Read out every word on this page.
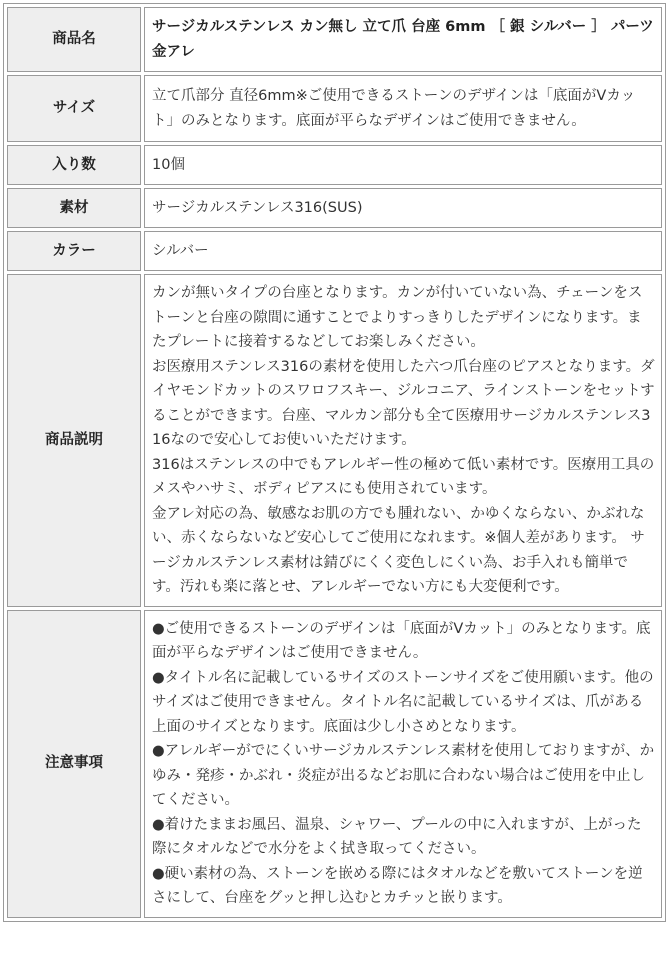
商品名	サージカルステンレス カン無し 立て爪 台座 6mm ［ 銀 シルバー ］ パーツ 金アレ
サイズ	立て爪部分 直径6mm※ご使用できるストーンのデザインは「底面がVカット」のみとなります。底面が平らなデザインはご使用できません。
入り数	10個
素材	サージカルステンレス316(SUS)
カラー	シルバー
商品説明	カンが無いタイプの台座となります。カンが付いていない為、チェーンをストーンと台座の隙間に通すことでよりすっきりしたデザインになります。またプレートに接着するなどしてお楽しみください。
お医療用ステンレス316の素材を使用した六つ爪台座のピアスとなります。ダイヤモンドカットのスワロフスキー、ジルコニア、ラインストーンをセットすることができます。台座、マルカン部分も全て医療用サージカルステンレス316なので安心してお使いいただけます。
316はステンレスの中でもアレルギー性の極めて低い素材です。医療用工具のメスやハサミ、ボディピアスにも使用されています。
金アレ対応の為、敏感なお肌の方でも腫れない、かゆくならない、かぶれない、赤くならないなど安心してご使用になれます。※個人差があります。 サージカルステンレス素材は錆びにくく変色しにくい為、お手入れも簡単です。汚れも楽に落とせ、アレルギーでない方にも大変便利です。

注意事項	●ご使用できるストーンのデザインは「底面がVカット」のみとなります。底面が平らなデザインはご使用できません。
●タイトル名に記載しているサイズのストーンサイズをご使用願います。他のサイズはご使用できません。タイトル名に記載しているサイズは、爪がある上面のサイズとなります。底面は少し小さめとなります。
●アレルギーがでにくいサージカルステンレス素材を使用しておりますが、かゆみ・発疹・かぶれ・炎症が出るなどお肌に合わない場合はご使用を中止してください。
●着けたままお風呂、温泉、シャワー、プールの中に入れますが、上がった際にタオルなどで水分をよく拭き取ってください。
●硬い素材の為、ストーンを嵌める際にはタオルなどを敷いてストーンを逆さにして、台座をグッと押し込むとカチッと嵌ります。
